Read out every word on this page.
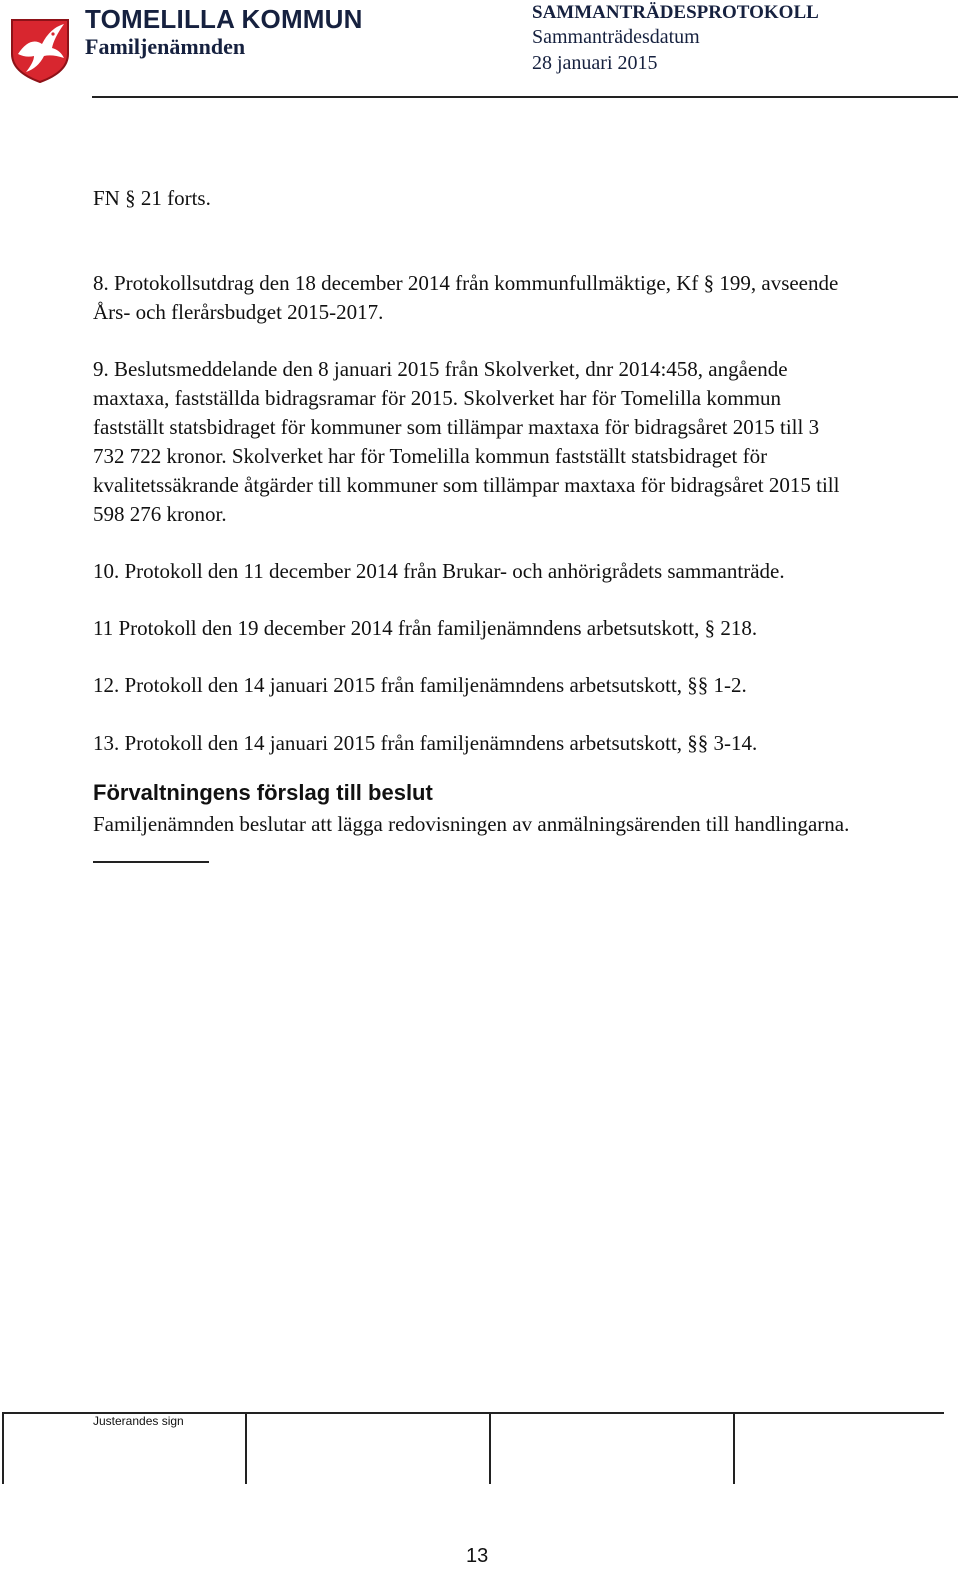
TOMELILLA KOMMUN
Familjenämnden
SAMMANTRÄDESPROTOKOLL
Sammanträdesdatum
28 januari 2015

FN § 21 forts.

8. Protokollsutdrag den 18 december 2014 från kommunfullmäktige, Kf § 199, avseende Års- och flerårsbudget 2015-2017.

9. Beslutsmeddelande den 8 januari 2015 från Skolverket, dnr 2014:458, angående maxtaxa, fastställda bidragsramar för 2015. Skolverket har för Tomelilla kommun fastställt statsbidraget för kommuner som tillämpar maxtaxa för bidragsåret 2015 till 3 732 722 kronor. Skolverket har för Tomelilla kommun fastställt statsbidraget för kvalitetssäkrande åtgärder till kommuner som tillämpar maxtaxa för bidragsåret 2015 till 598 276 kronor.

10. Protokoll den 11 december 2014 från Brukar- och anhörigrådets sammanträde.

11 Protokoll den 19 december 2014 från familjenämndens arbetsutskott, § 218.

12. Protokoll den 14 januari 2015 från familjenämndens arbetsutskott, §§ 1-2.

13. Protokoll den 14 januari 2015 från familjenämndens arbetsutskott, §§ 3-14.

Förvaltningens förslag till beslut

Familjenämnden beslutar att lägga redovisningen av anmälningsärenden till handlingarna.

Justerandes sign
13
